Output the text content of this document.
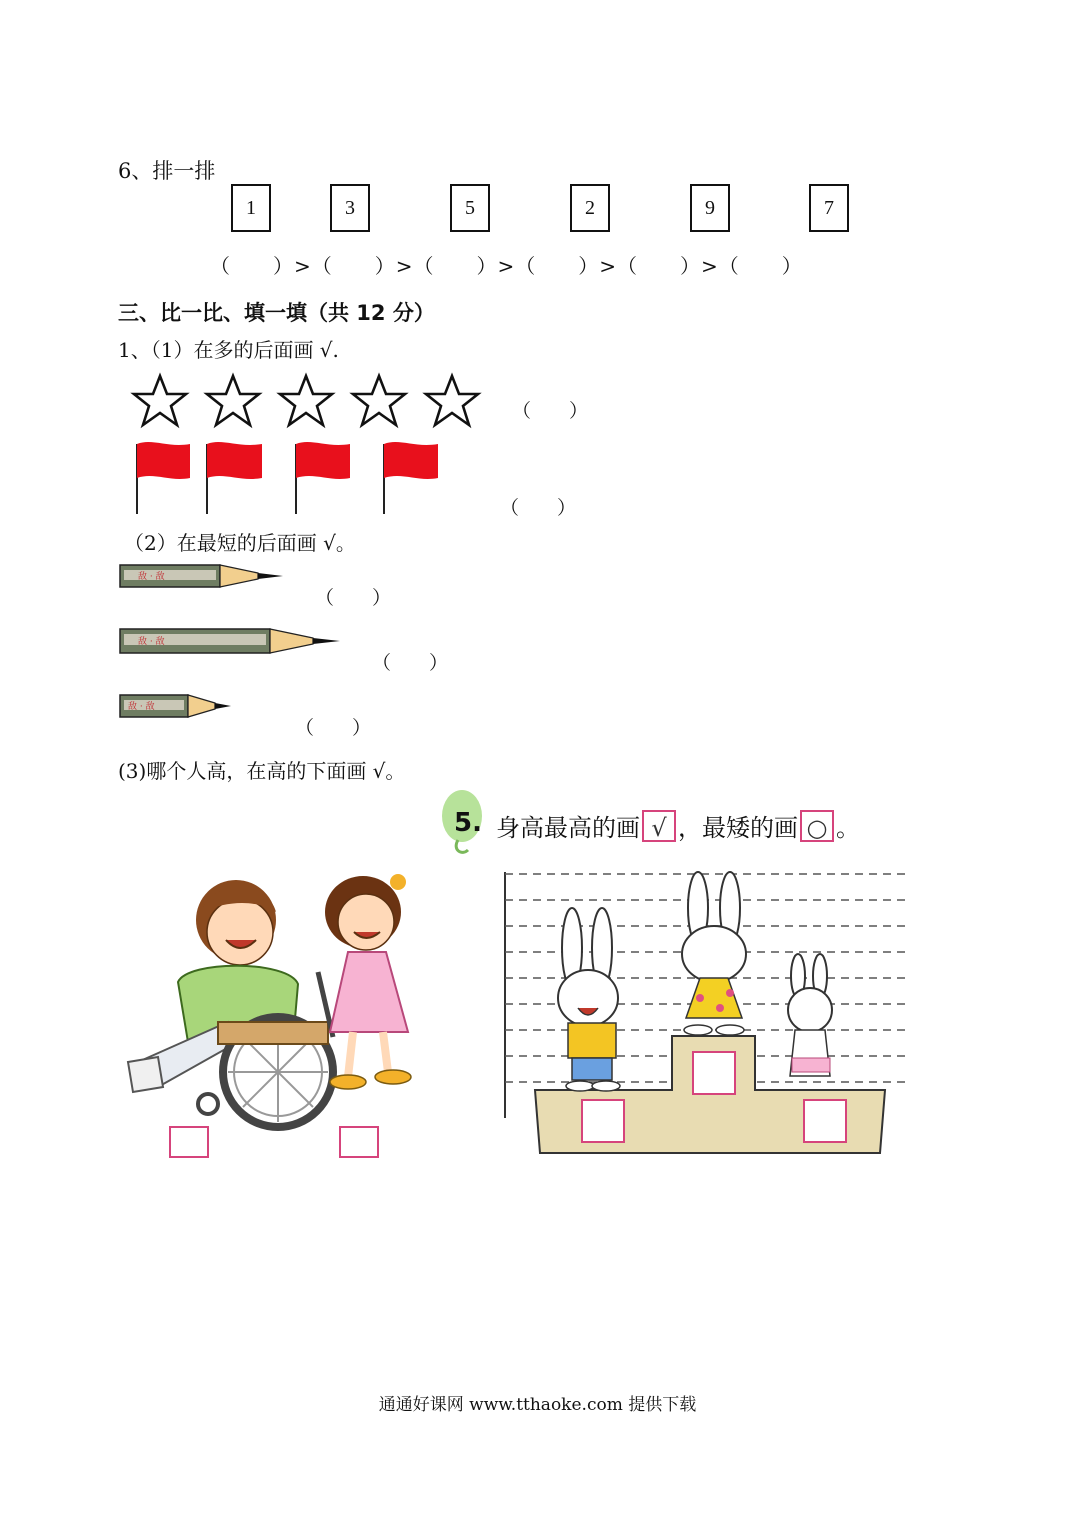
6、排一排
1	3	5	2	9	7
（　　）>（　　）>（　　）>（　　）>（　　）>（　　）
三、比一比、填一填（共 12 分）
1、（1）在多的后面画 √.
（　　）
（　　）
（2）在最短的后面画 √。
敌 · 敌
（　　）
敌 · 敌
（　　）
敌 · 敌
（　　）
(3)哪个人高，在高的下面画 √。
5. 身高最高的画 √ ，最矮的画 ○ 。
通通好课网 www.tthaoke.com 提供下载
